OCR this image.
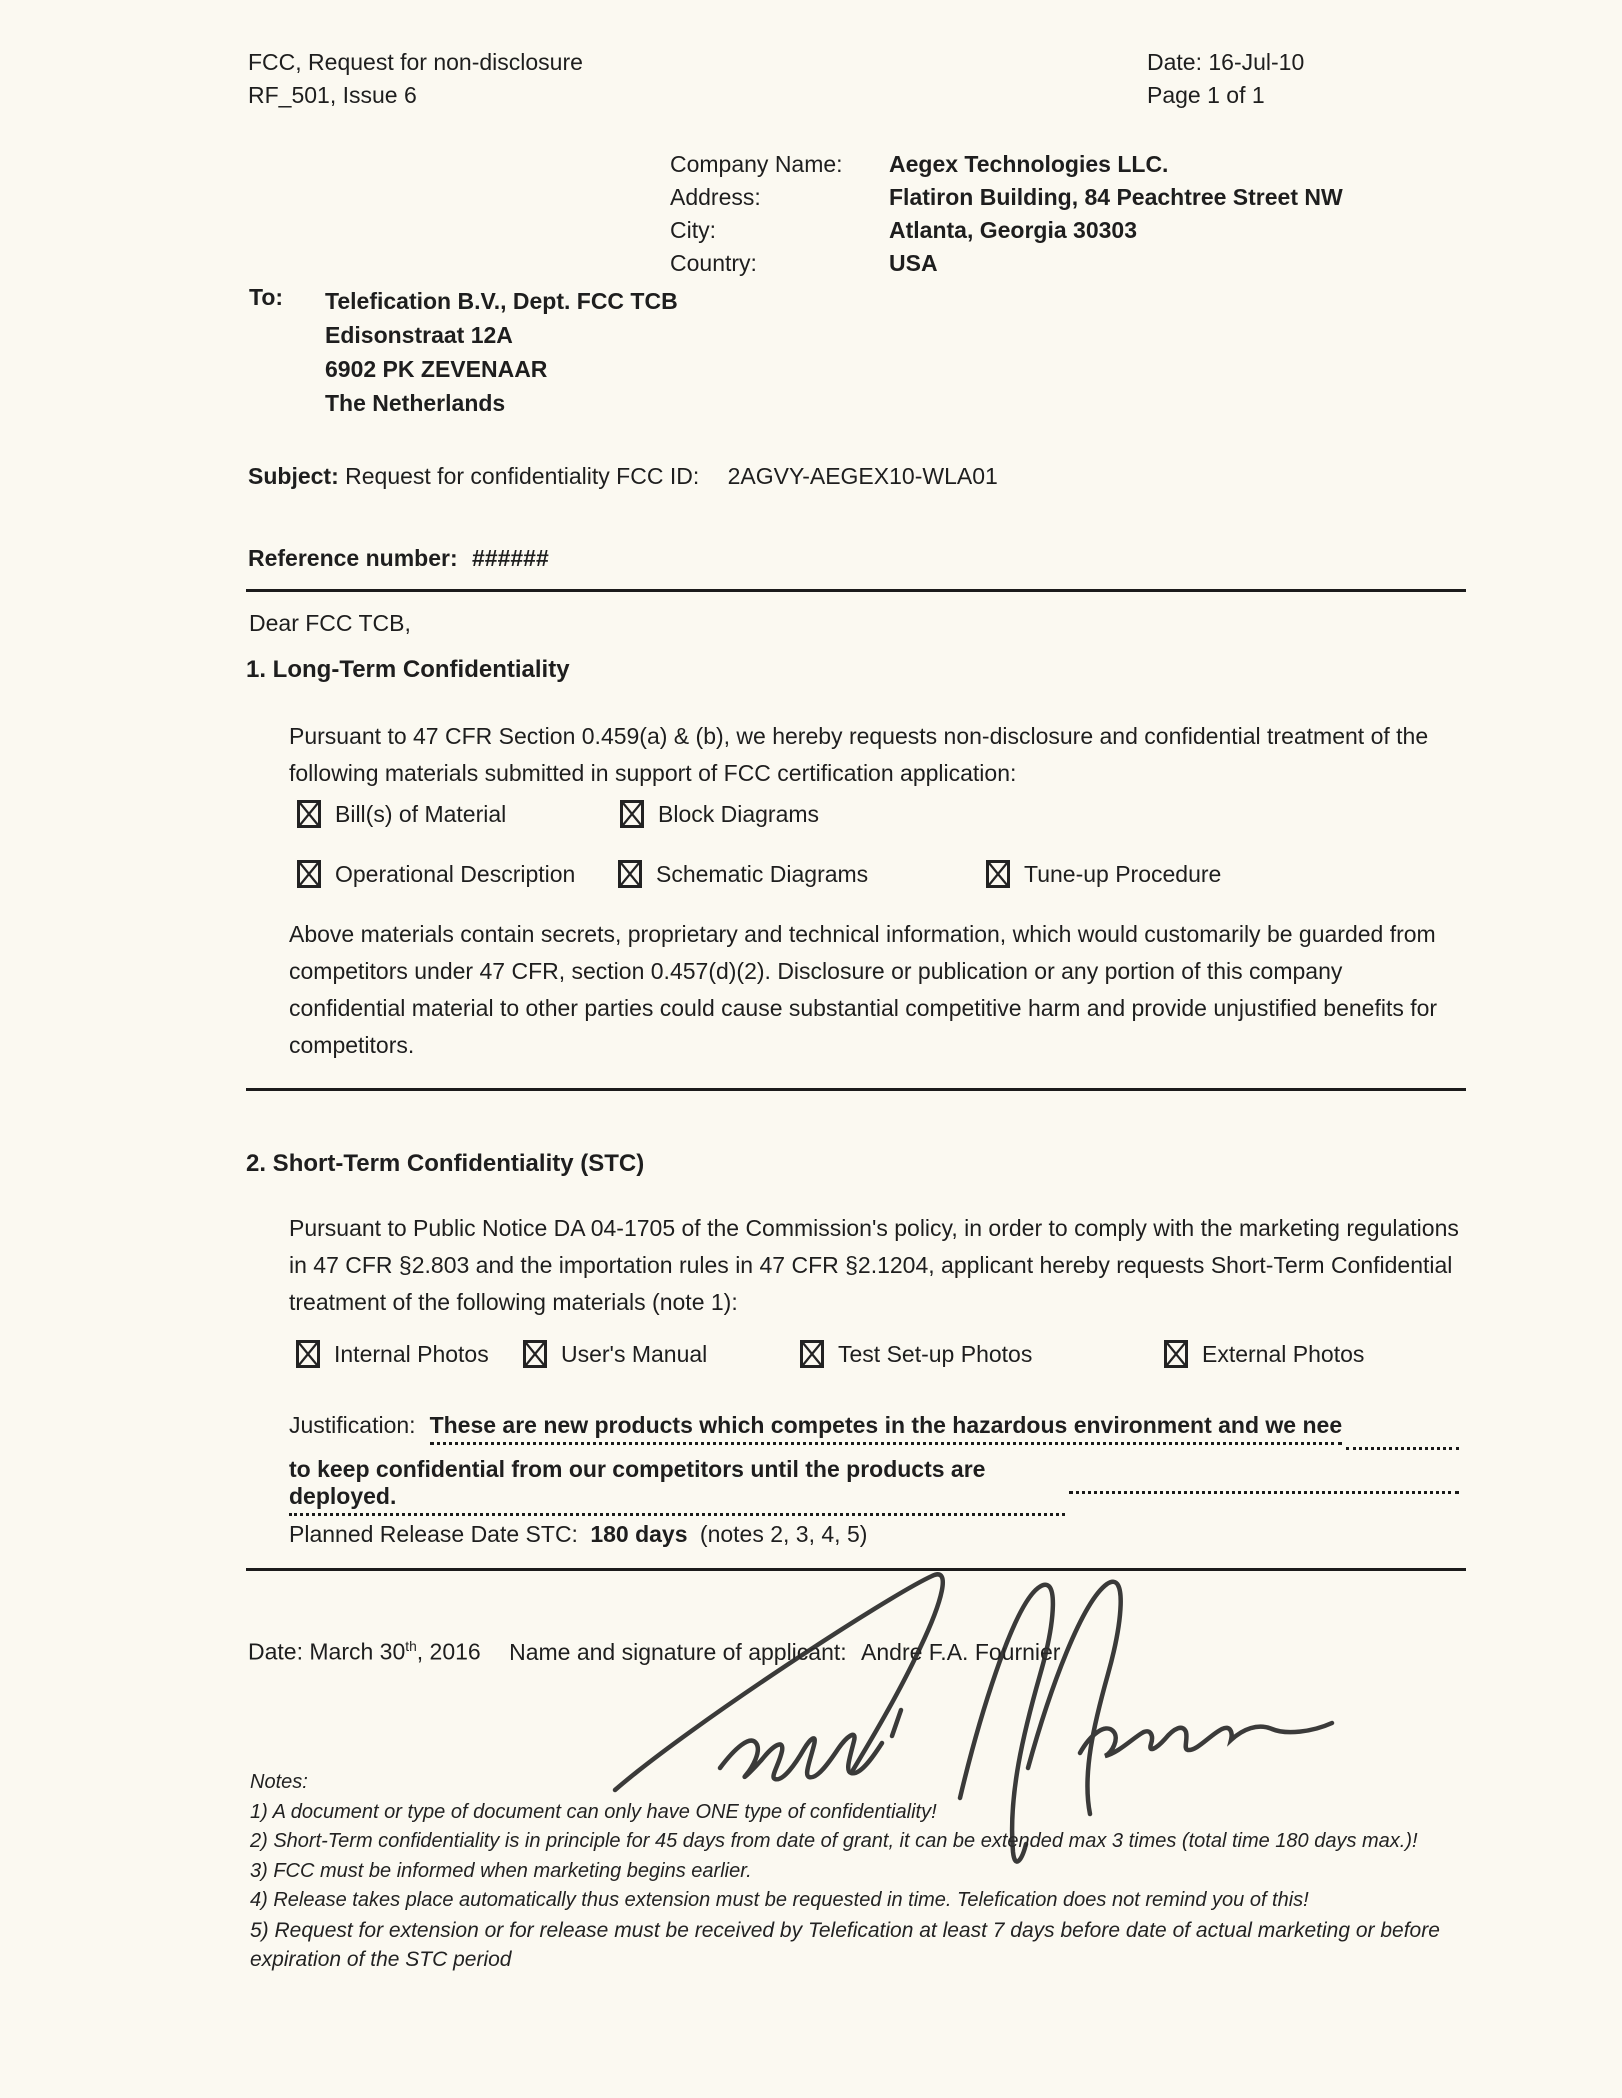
FCC, Request for non-disclosure
RF_501, Issue 6
Date: 16-Jul-10
Page 1 of 1
Company Name:	Aegex Technologies LLC.
Address:	Flatiron Building, 84 Peachtree Street NW
City:	Atlanta, Georgia 30303
Country:	USA
To: Telefication B.V., Dept. FCC TCB
Edisonstraat 12A
6902 PK ZEVENAAR
The Netherlands
Subject: Request for confidentiality FCC ID: 2AGVY-AEGEX10-WLA01
Reference number: ######
Dear FCC TCB,
1. Long-Term Confidentiality
Pursuant to 47 CFR Section 0.459(a) & (b), we hereby requests non-disclosure and confidential treatment of the following materials submitted in support of FCC certification application:
Bill(s) of Material	Block Diagrams
Operational Description	Schematic Diagrams	Tune-up Procedure
Above materials contain secrets, proprietary and technical information, which would customarily be guarded from competitors under 47 CFR, section 0.457(d)(2). Disclosure or publication or any portion of this company confidential material to other parties could cause substantial competitive harm and provide unjustified benefits for competitors.
2. Short-Term Confidentiality (STC)
Pursuant to Public Notice DA 04-1705 of the Commission's policy, in order to comply with the marketing regulations in 47 CFR §2.803 and the importation rules in 47 CFR §2.1204, applicant hereby requests Short-Term Confidential treatment of the following materials (note 1):
Internal Photos	User's Manual	Test Set-up Photos	External Photos
Justification: These are new products which competes in the hazardous environment and we nee
to keep confidential from our competitors until the products are deployed.
Planned Release Date STC: 180 days (notes 2, 3, 4, 5)
Date: March 30th, 2016 Name and signature of applicant: Andre F.A. Fournier
Notes:
1) A document or type of document can only have ONE type of confidentiality!
2) Short-Term confidentiality is in principle for 45 days from date of grant, it can be extended max 3 times (total time 180 days max.)!
3) FCC must be informed when marketing begins earlier.
4) Release takes place automatically thus extension must be requested in time. Telefication does not remind you of this!
5) Request for extension or for release must be received by Telefication at least 7 days before date of actual marketing or before expiration of the STC period
